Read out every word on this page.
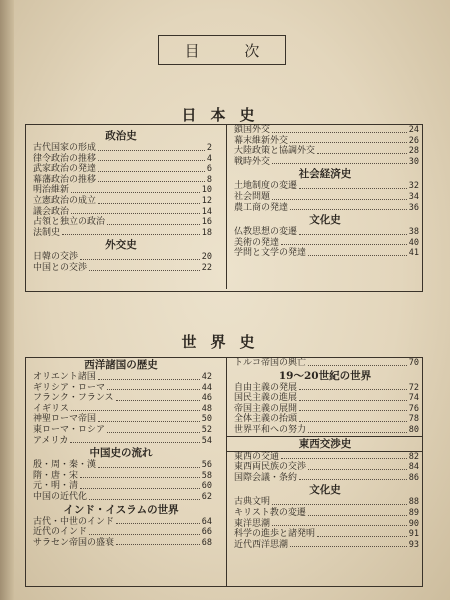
目 次
日本史
政治史
古代国家の形成	2
律令政治の推移	4
武家政治の発達	6
幕藩政治の推移	8
明治維新	10
立憲政治の成立	12
議会政治	14
占領と独立の政治	16
法制史	18
外交史
日韓の交渉	20
中国との交渉	22
鎖国外交	24
幕末維新外交	26
大陸政策と協調外交	28
戦時外交	30
社会経済史
土地制度の変遷	32
社会問題	34
農工商の発達	36
文化史
仏教思想の変遷	38
美術の発達	40
学問と文学の発達	41
世界史
西洋諸国の歴史
オリエント諸国	42
ギリシア・ローマ	44
フランク・フランス	46
イギリス	48
神聖ローマ帝国	50
東ローマ・ロシア	52
アメリカ	54
中国史の流れ
殷・周・秦・漢	56
隋・唐・宋	58
元・明・清	60
中国の近代化	62
インド・イスラムの世界
古代・中世のインド	64
近代のインド	66
サラセン帝国の盛衰	68
トルコ帝国の興亡	70
19～20世紀の世界
自由主義の発展	72
国民主義の進展	74
帝国主義の展開	76
全体主義の抬頭	78
世界平和への努力	80
東西交渉史
東西の交通	82
東西両民族の交渉	84
国際会議・条約	86
文化史
古典文明	88
キリスト教の変遷	89
東洋思潮	90
科学の進歩と諸発明	91
近代西洋思潮	93
